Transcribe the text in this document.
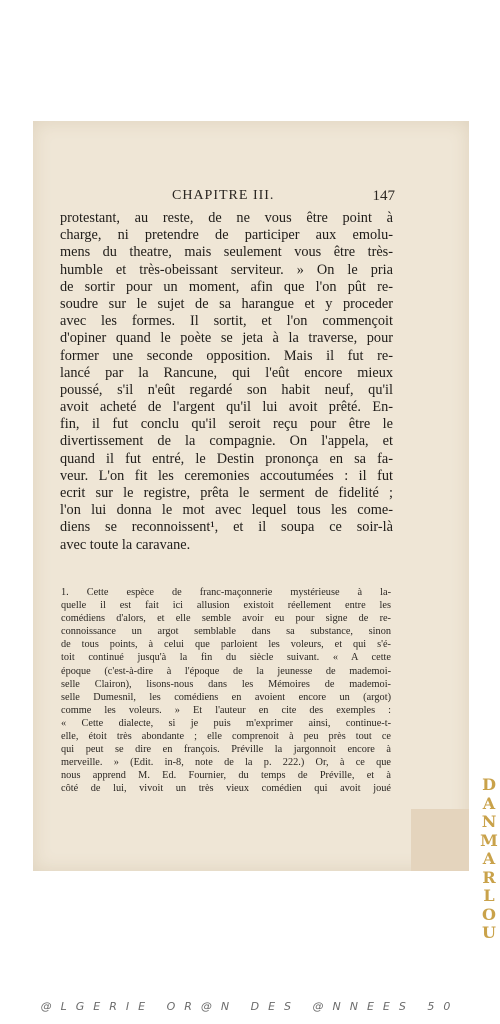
CHAPITRE III.	147
protestant, au reste, de ne vous être point à
charge, ni pretendre de participer aux emolu-
mens du theatre, mais seulement vous être très-
humble et très-obeissant serviteur. » On le pria
de sortir pour un moment, afin que l'on pût re-
soudre sur le sujet de sa harangue et y proceder
avec les formes. Il sortit, et l'on commençoit
d'opiner quand le poète se jeta à la traverse, pour
former une seconde opposition. Mais il fut re-
lancé par la Rancune, qui l'eût encore mieux
poussé, s'il n'eût regardé son habit neuf, qu'il
avoit acheté de l'argent qu'il lui avoit prêté. En-
fin, il fut conclu qu'il seroit reçu pour être le
divertissement de la compagnie. On l'appela, et
quand il fut entré, le Destin prononça en sa fa-
veur. L'on fit les ceremonies accoutumées : il fut
ecrit sur le registre, prêta le serment de fidelité ;
l'on lui donna le mot avec lequel tous les come-
diens se reconnoissent¹, et il soupa ce soir-là
avec toute la caravane.
1. Cette espèce de franc-maçonnerie mystérieuse à la-
quelle il est fait ici allusion existoit réellement entre les
comédiens d'alors, et elle semble avoir eu pour signe de re-
connoissance un argot semblable dans sa substance, sinon
de tous points, à celui que parloient les voleurs, et qui s'é-
toit continué jusqu'à la fin du siècle suivant. « A cette
époque (c'est-à-dire à l'époque de la jeunesse de mademoi-
selle Clairon), lisons-nous dans les Mémoires de mademoi-
selle Dumesnil, les comédiens en avoient encore un (argot)
comme les voleurs. » Et l'auteur en cite des exemples :
« Cette dialecte, si je puis m'exprimer ainsi, continue-t-
elle, étoit très abondante ; elle comprenoit à peu près tout ce
qui peut se dire en françois. Préville la jargonnoit encore à
merveille. » (Edit. in-8, note de la p. 222.) Or, à ce que
nous apprend M. Ed. Fournier, du temps de Préville, et à
côté de lui, vivoit un très vieux comédien qui avoit joué	D
A
N
M
A
R
L
O
U
@LGERIE OR@N DES @NNEES 50
